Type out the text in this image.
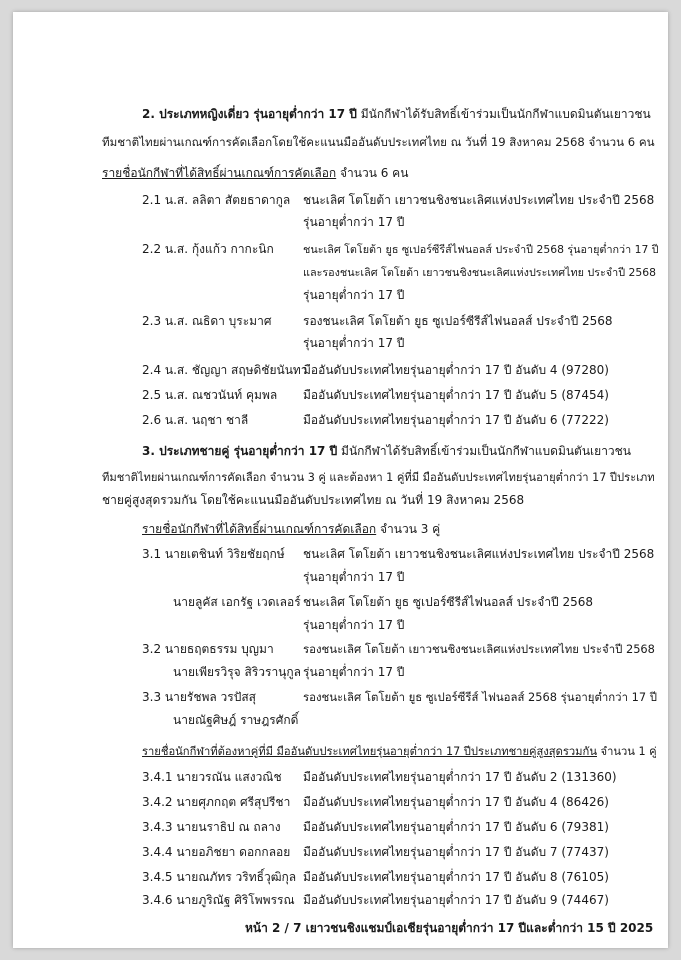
2. ประเภทหญิงเดี่ยว รุ่นอายุต่ำกว่า 17 ปี มีนักกีฬาได้รับสิทธิ์เข้าร่วมเป็นนักกีฬาแบดมินตันเยาวชน
ทีมชาติไทยผ่านเกณฑ์การคัดเลือกโดยใช้คะแนนมืออันดับประเทศไทย ณ วันที่ 19 สิงหาคม 2568 จำนวน 6 คน
รายชื่อนักกีฬาที่ได้สิทธิ์ผ่านเกณฑ์การคัดเลือก จำนวน 6 คน
2.1 น.ส. ลลิตา สัตยธาดากูล ชนะเลิศ โตโยต้า เยาวชนชิงชนะเลิศแห่งประเทศไทย ประจำปี 2568
รุ่นอายุต่ำกว่า 17 ปี
2.2 น.ส. กุ้งแก้ว กากะนิก	ชนะเลิศ โตโยต้า ยูธ ซูเปอร์ซีรีส์ไฟนอลส์ ประจำปี 2568 รุ่นอายุต่ำกว่า 17 ปี
และรองชนะเลิศ โตโยต้า เยาวชนชิงชนะเลิศแห่งประเทศไทย ประจำปี 2568
รุ่นอายุต่ำกว่า 17 ปี
2.3 น.ส. ณธิดา บุระมาศ	รองชนะเลิศ โตโยต้า ยูธ ซูเปอร์ซีรีส์ไฟนอลส์ ประจำปี 2568
รุ่นอายุต่ำกว่า 17 ปี
2.4 น.ส. ชัญญา สฤษดิชัยนันทา
มืออันดับประเทศไทยรุ่นอายุต่ำกว่า 17 ปี อันดับ 4 (97280)
2.5 น.ส. ณชวนันท์ คุมพล มืออันดับประเทศไทยรุ่นอายุต่ำกว่า 17 ปี อันดับ 5 (87454)
2.6 น.ส. นฤชา ชาลี	มืออันดับประเทศไทยรุ่นอายุต่ำกว่า 17 ปี อันดับ 6 (77222)
3. ประเภทชายคู่ รุ่นอายุต่ำกว่า 17 ปี มีนักกีฬาได้รับสิทธิ์เข้าร่วมเป็นนักกีฬาแบดมินตันเยาวชน
ทีมชาติไทยผ่านเกณฑ์การคัดเลือก จำนวน 3 คู่ และต้องหา 1 คู่ที่มี มืออันดับประเทศไทยรุ่นอายุต่ำกว่า 17 ปีประเภท
ชายคู่สูงสุดรวมกัน โดยใช้คะแนนมืออันดับประเทศไทย ณ วันที่ 19 สิงหาคม 2568
รายชื่อนักกีฬาที่ได้สิทธิ์ผ่านเกณฑ์การคัดเลือก จำนวน 3 คู่
3.1 นายเตชินท์ วิริยชัยฤกษ์ ชนะเลิศ โตโยต้า เยาวชนชิงชนะเลิศแห่งประเทศไทย ประจำปี 2568
รุ่นอายุต่ำกว่า 17 ปี
นายลูคัส เอกรัฐ เวดเลอร์ ชนะเลิศ โตโยต้า ยูธ ซูเปอร์ซีรีส์ไฟนอลส์ ประจำปี 2568
รุ่นอายุต่ำกว่า 17 ปี
3.2 นายธฤตธรรม บุญมา	รองชนะเลิศ โตโยต้า เยาวชนชิงชนะเลิศแห่งประเทศไทย ประจำปี 2568
นายเพียรวิรุจ สิริวรานุกูล รุ่นอายุต่ำกว่า 17 ปี
3.3 นายรัชพล วรปัสสุ	รองชนะเลิศ โตโยต้า ยูธ ซูเปอร์ซีรีส์ ไฟนอลส์ 2568 รุ่นอายุต่ำกว่า 17 ปี
นายณัฐศิษฎ์ ราษฎรศักดิ์
รายชื่อนักกีฬาที่ต้องหาคู่ที่มี มืออันดับประเทศไทยรุ่นอายุต่ำกว่า 17 ปีประเภทชายคู่สูงสุดรวมกัน จำนวน 1 คู่
3.4.1 นายวรณัน แสงวณิช มืออันดับประเทศไทยรุ่นอายุต่ำกว่า 17 ปี อันดับ 2 (131360)
3.4.2 นายศุภกฤต ศรีสุปรีชา มืออันดับประเทศไทยรุ่นอายุต่ำกว่า 17 ปี อันดับ 4 (86426)
3.4.3 นายนราธิป ณ ถลาง มืออันดับประเทศไทยรุ่นอายุต่ำกว่า 17 ปี อันดับ 6 (79381)
3.4.4 นายอภิชยา ดอกกลอย มืออันดับประเทศไทยรุ่นอายุต่ำกว่า 17 ปี อันดับ 7 (77437)
3.4.5 นายณภัทร วริทธิ์วุฒิกุล มืออันดับประเทศไทยรุ่นอายุต่ำกว่า 17 ปี อันดับ 8 (76105)
3.4.6 นายภูริณัฐ ศิริโพพรรณ มืออันดับประเทศไทยรุ่นอายุต่ำกว่า 17 ปี อันดับ 9 (74467)
หน้า 2 / 7 เยาวชนชิงแชมป์เอเชียรุ่นอายุต่ำกว่า 17 ปีและต่ำกว่า 15 ปี 2025
